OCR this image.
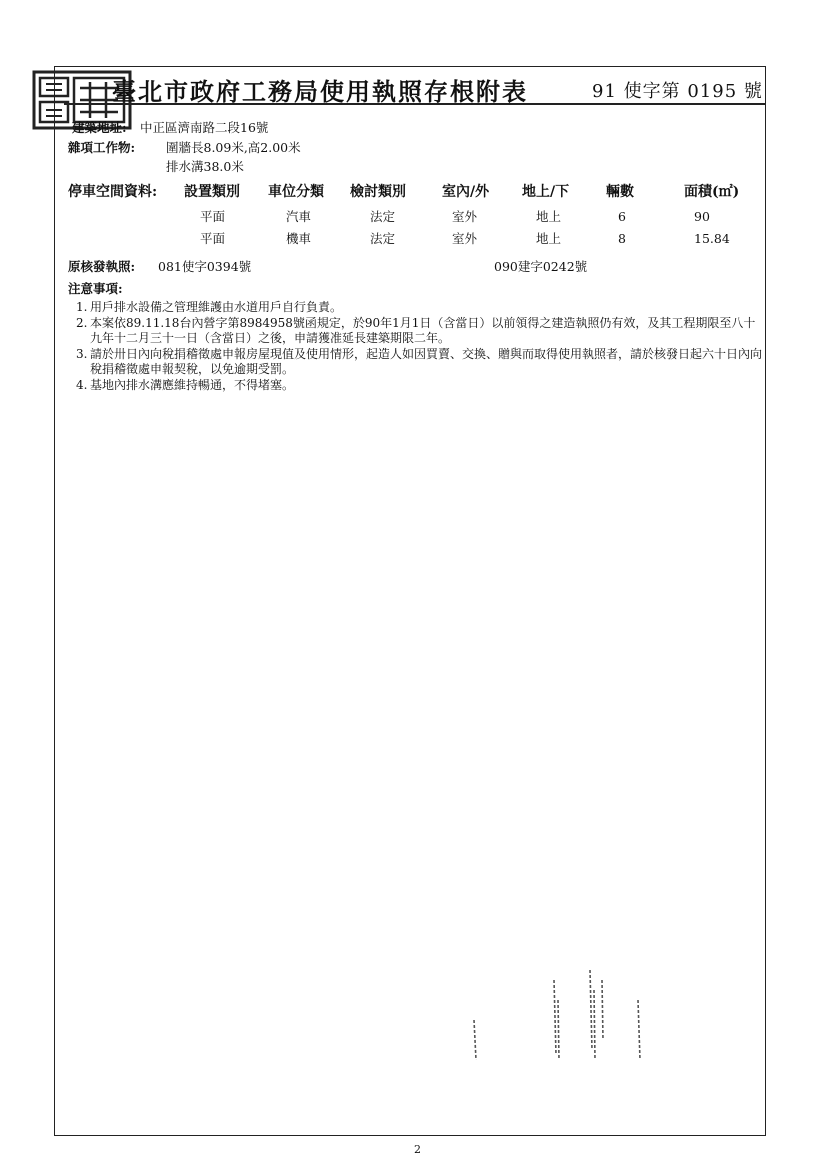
臺北市政府工務局使用執照存根附表	91 使字第 0195 號
建築地址: 中正區濟南路二段16號
雜項工作物: 圍牆長8.09米,高2.00米
排水溝38.0米
停車空間資料: 設置類別 車位分類 檢討類別	室內/外 地上/下	輛數	面積(㎡)
平面	汽車	法定	室外	地上	6	90
平面	機車	法定	室外	地上	8	15.84
原核發執照: 081使字0394號	090建字0242號
注意事項:
1. 用戶排水設備之管理維護由水道用戶自行負責。
2. 本案依89.11.18台內營字第8984958號函規定，於90年1月1日（含當日）以前領得之建造執照仍有效，及其工程期限至八十九年十二月三十一日（含當日）之後，申請獲准延長建築期限二年。
3. 請於卅日內向稅捐稽徵處申報房屋現值及使用情形，起造人如因買賣、交換、贈與而取得使用執照者，請於核發日起六十日內向稅捐稽徵處申報契稅，以免逾期受罰。
4. 基地內排水溝應維持暢通，不得堵塞。
2
